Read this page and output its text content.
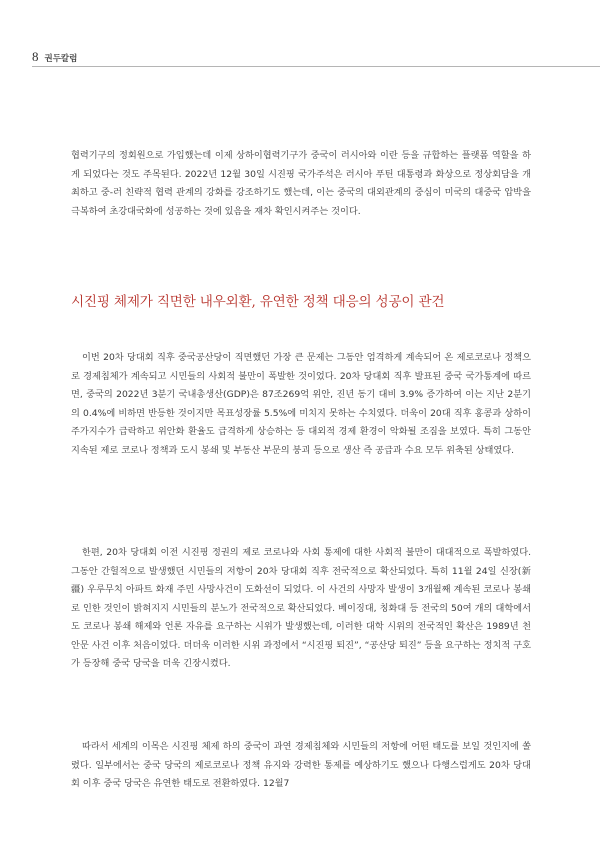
8 권두칼럼

협력기구의 정회원으로 가입했는데 이제 상하이협력기구가 중국이 러시아와 이란 등을 규합하는 플랫폼 역할을 하게 되었다는 것도 주목된다. 2022년 12월 30일 시진핑 국가주석은 러시아 푸틴 대통령과 화상으로 정상회담을 개최하고 중-러 친략적 협력 관계의 강화를 강조하기도 했는데, 이는 중국의 대외관계의 중심이 미국의 대중국 압박을 극복하여 초강대국화에 성공하는 것에 있음을 재차 확인시켜주는 것이다.

시진핑 체제가 직면한 내우외환, 유연한 정책 대응의 성공이 관건

이번 20차 당대회 직후 중국공산당이 직면했던 가장 큰 문제는 그동안 엄격하게 계속되어 온 제로코로나 정책으로 경제침체가 계속되고 시민들의 사회적 불만이 폭발한 것이었다. 20차 당대회 직후 발표된 중국 국가통계에 따르면, 중국의 2022년 3분기 국내총생산(GDP)은 87조269억 위안, 진년 동기 대비 3.9% 증가하여 이는 지난 2분기의 0.4%에 비하면 반등한 것이지만 목표성장률 5.5%에 미치지 못하는 수치였다. 더욱이 20대 직후 홍콩과 상하이 주가지수가 급락하고 위안화 환율도 급격하게 상승하는 등 대외적 경제 환경이 악화될 조짐을 보였다. 특히 그동안 지속된 제로 코로나 정책과 도시 봉쇄 및 부동산 부문의 붕괴 등으로 생산 즉 공급과 수요 모두 위축된 상태였다.

한편, 20차 당대회 이전 시진핑 정권의 제로 코로나와 사회 통제에 대한 사회적 불만이 대대적으로 폭발하였다. 그동안 간헐적으로 발생했던 시민들의 저항이 20차 당대회 직후 전국적으로 확산되었다. 특히 11월 24일 신장(新疆) 우루무치 아파트 화재 주민 사망사건이 도화선이 되었다. 이 사건의 사망자 발생이 3개월째 계속된 코로나 봉쇄로 인한 것인이 밝혀지지 시민들의 분노가 전국적으로 확산되었다. 베이징대, 칭화대 등 전국의 50여 개의 대학에서도 코로나 봉쇄 해제와 언론 자유를 요구하는 시위가 발생했는데, 이러한 대학 시위의 전국적인 확산은 1989년 천안문 사건 이후 처음이었다. 더더욱 이러한 시위 과정에서 “시진핑 퇴진”, “공산당 퇴진” 등을 요구하는 정치적 구호가 등장해 중국 당국을 더욱 긴장시켰다.

따라서 세계의 이목은 시진핑 체제 하의 중국이 과연 경제침체와 시민들의 저항에 어떤 태도를 보일 것인지에 쏠렸다. 일부에서는 중국 당국의 제로코로나 정책 유지와 강력한 통제를 예상하기도 했으나 다행스럽게도 20차 당대회 이후 중국 당국은 유연한 태도로 전환하였다. 12월7
